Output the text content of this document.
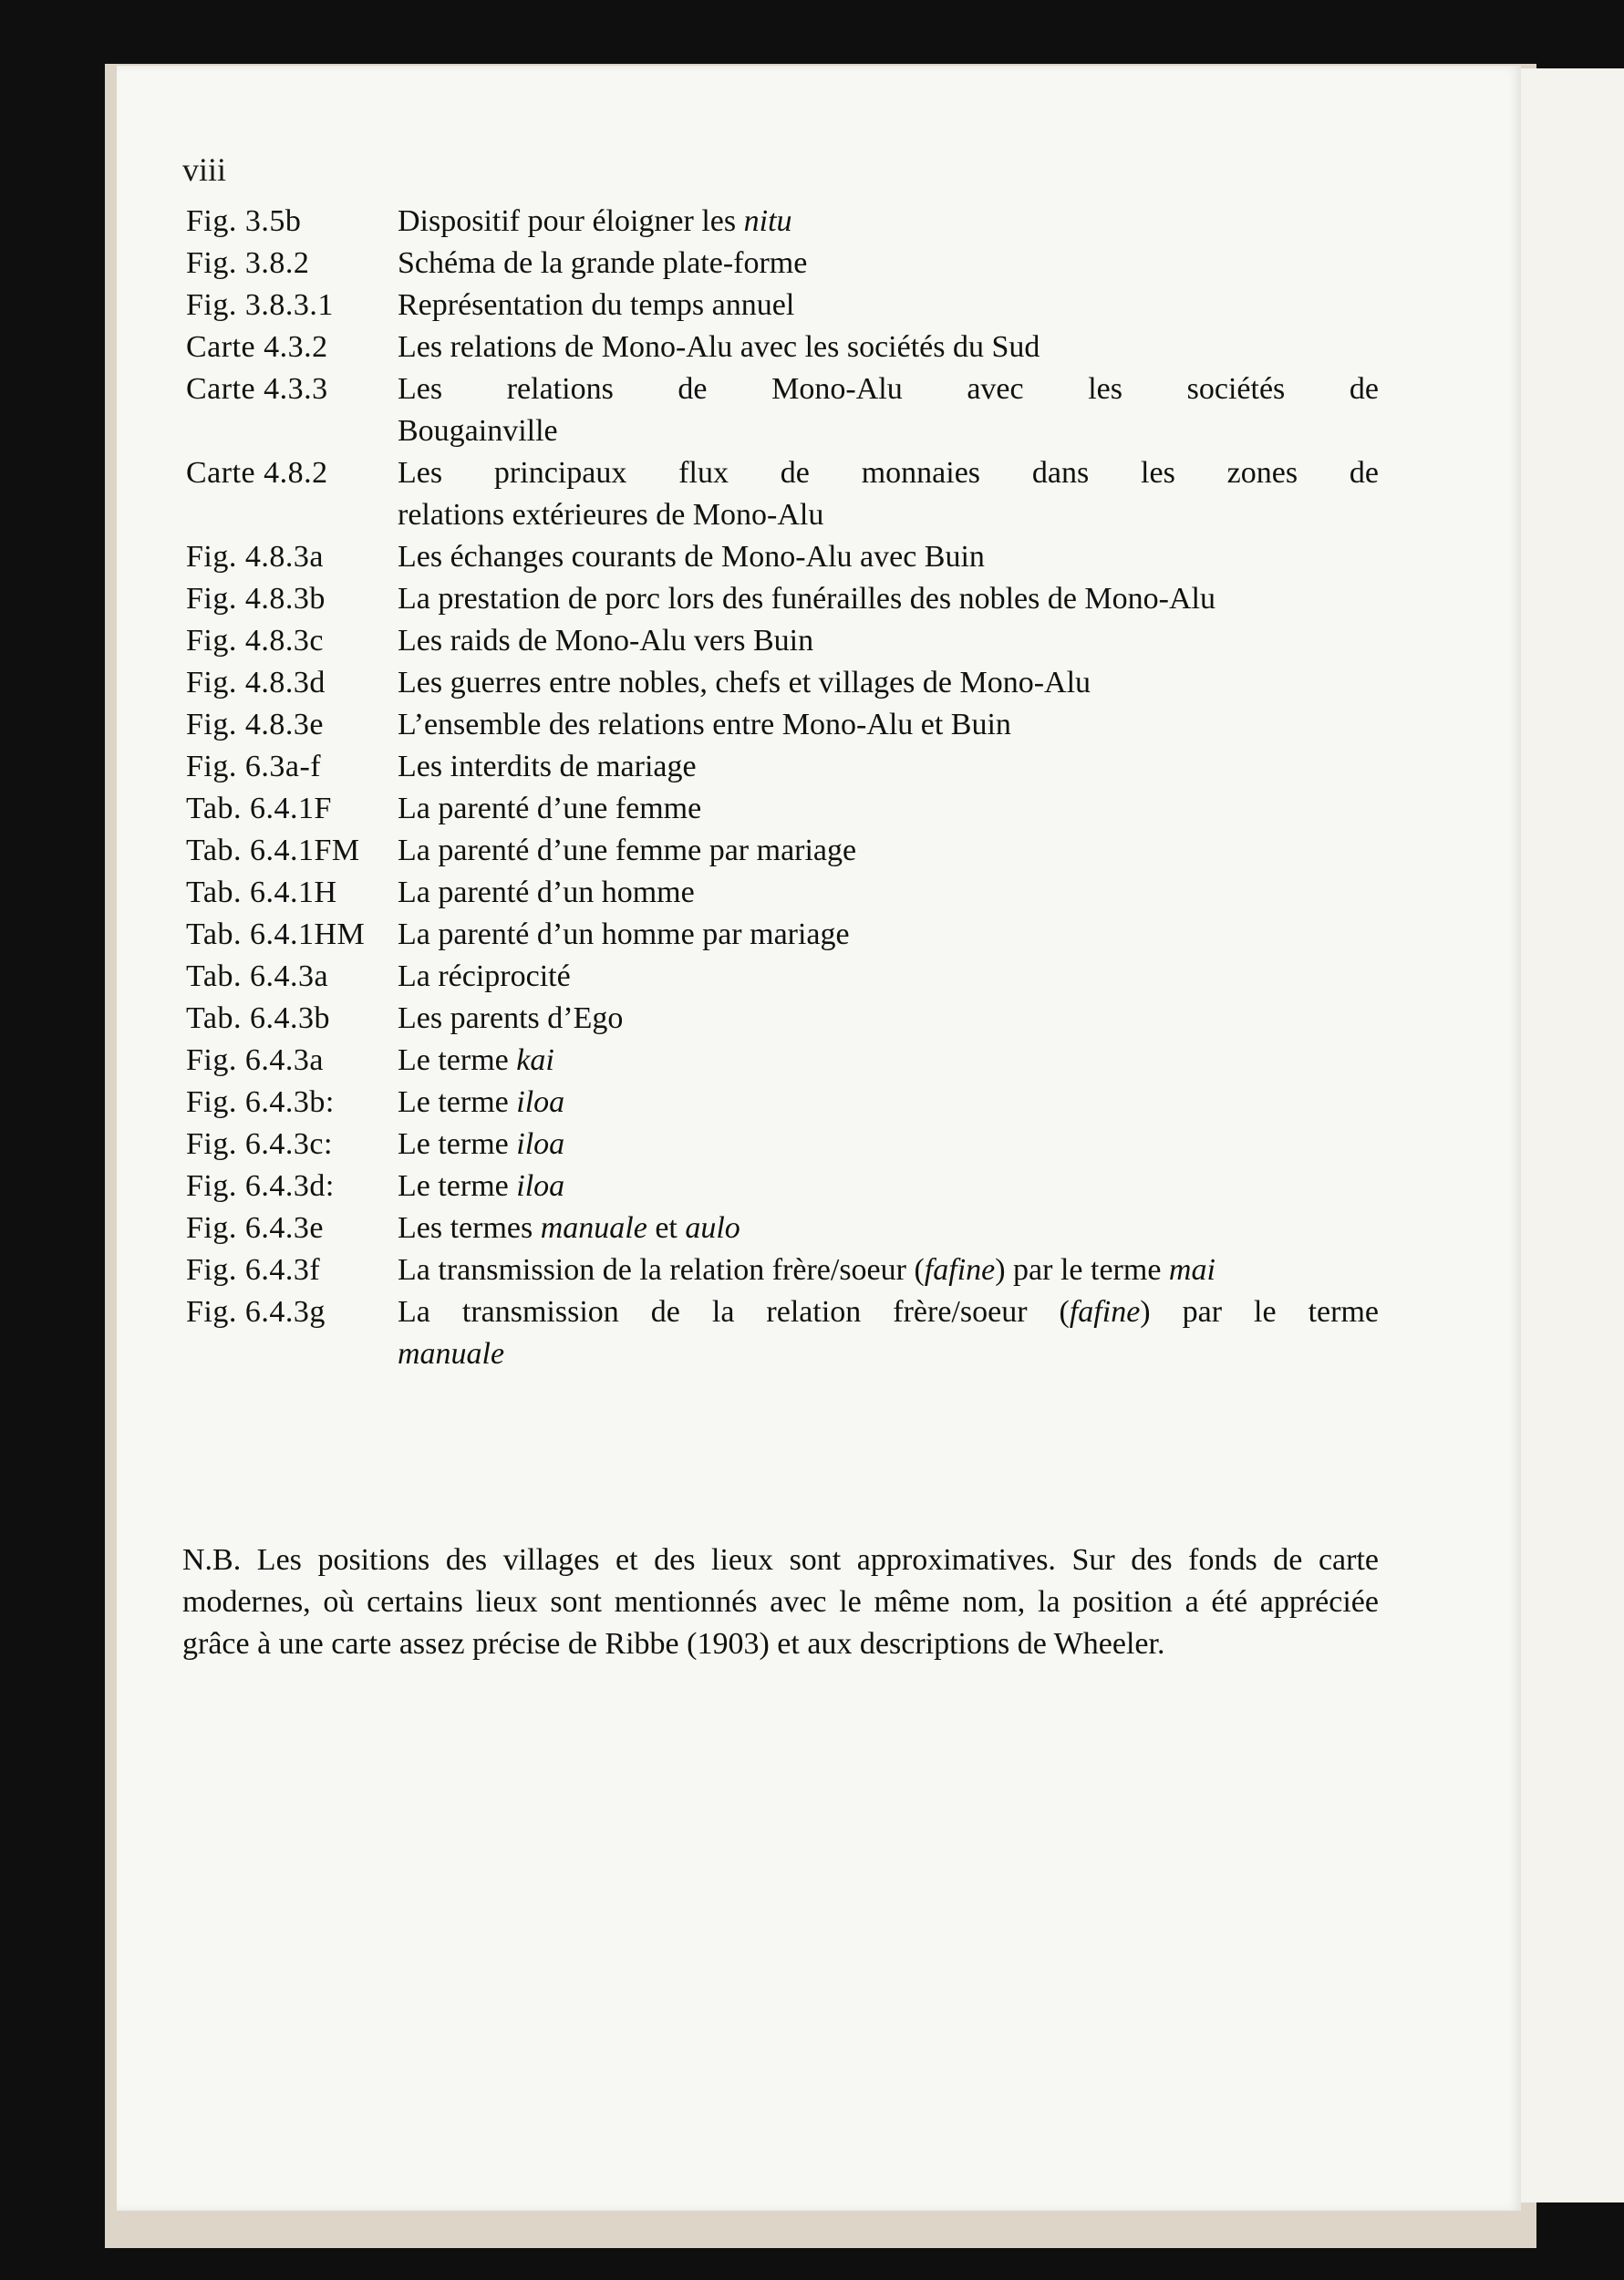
viii
Fig. 3.5b	Dispositif pour éloigner les nitu
Fig. 3.8.2	Schéma de la grande plate-forme
Fig. 3.8.3.1	Représentation du temps annuel
Carte 4.3.2	Les relations de Mono-Alu avec les sociétés du Sud
Carte 4.3.3	Les relations de Mono-Alu avec les sociétés de
Bougainville
Carte 4.8.2	Les principaux flux de monnaies dans les zones de
relations extérieures de Mono-Alu
Fig. 4.8.3a	Les échanges courants de Mono-Alu avec Buin
Fig. 4.8.3b	La prestation de porc lors des funérailles des nobles de Mono-Alu
Fig. 4.8.3c	Les raids de Mono-Alu vers Buin
Fig. 4.8.3d	Les guerres entre nobles, chefs et villages de Mono-Alu
Fig. 4.8.3e	L’ensemble des relations entre Mono-Alu et Buin
Fig. 6.3a-f	Les interdits de mariage
Tab. 6.4.1F	La parenté d’une femme
Tab. 6.4.1FM	La parenté d’une femme par mariage
Tab. 6.4.1H	La parenté d’un homme
Tab. 6.4.1HM	La parenté d’un homme par mariage
Tab. 6.4.3a	La réciprocité
Tab. 6.4.3b	Les parents d’Ego
Fig. 6.4.3a	Le terme kai
Fig. 6.4.3b:	Le terme iloa
Fig. 6.4.3c:	Le terme iloa
Fig. 6.4.3d:	Le terme iloa
Fig. 6.4.3e	Les termes manuale et aulo
Fig. 6.4.3f	La transmission de la relation frère/soeur (fafine) par le terme mai
Fig. 6.4.3g	La transmission de la relation frère/soeur (fafine) par le terme
manuale
N.B. Les positions des villages et des lieux sont approximatives. Sur des fonds de carte modernes, où certains lieux sont mentionnés avec le même nom, la position a été appréciée grâce à une carte assez précise de Ribbe (1903) et aux descriptions de Wheeler.
